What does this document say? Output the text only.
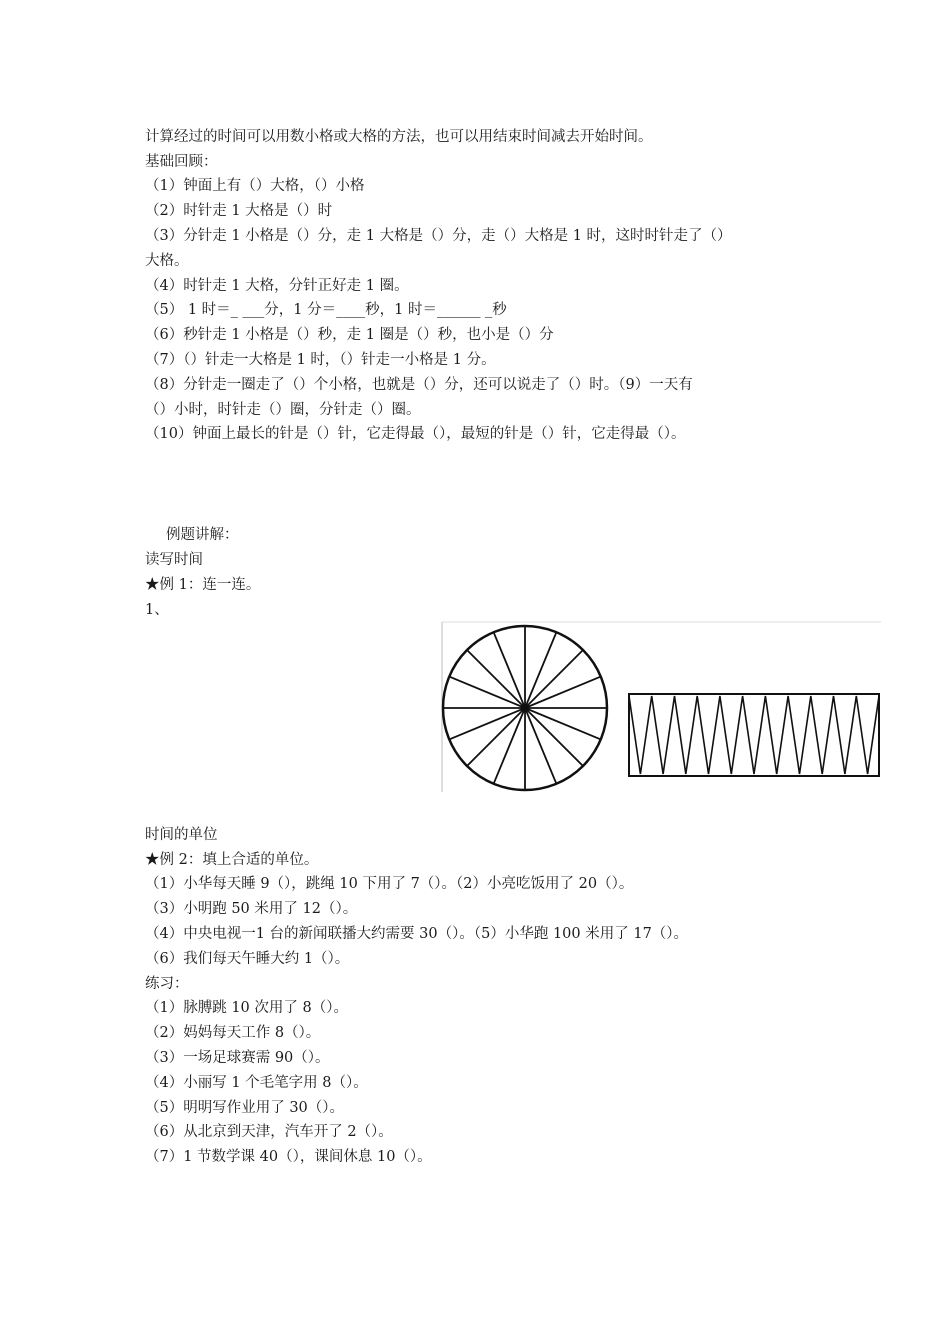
计算经过的时间可以用数小格或大格的方法，也可以用结束时间减去开始时间。
基础回顾：
（1）钟面上有（）大格，（）小格
（2）时针走 1 大格是（）时
（3）分针走 1 小格是（）分，走 1 大格是（）分，走（）大格是 1 时，这时时针走了（）
大格。
（4）时针走 1 大格，分针正好走 1 圈。
（5） 1 时＝_ ___分，1 分＝____秒，1 时＝______ _秒
（6）秒针走 1 小格是（）秒，走 1 圈是（）秒，也小是（）分
（7）（）针走一大格是 1 时，（）针走一小格是 1 分。
（8）分针走一圈走了（）个小格，也就是（）分，还可以说走了（）时。（9）一天有
（）小时，时针走（）圈，分针走（）圈。
（10）钟面上最长的针是（）针，它走得最（），最短的针是（）针，它走得最（）。
例题讲解：
读写时间
★例 1：连一连。
1、
时间的单位
★例 2：填上合适的单位。
（1）小华每天睡 9（），跳绳 10 下用了 7（）。（2）小亮吃饭用了 20（）。
（3）小明跑 50 米用了 12（）。
（4）中央电视一1 台的新闻联播大约需要 30（）。（5）小华跑 100 米用了 17（）。
（6）我们每天午睡大约 1（）。
练习：
（1）脉膊跳 10 次用了 8（）。
（2）妈妈每天工作 8（）。
（3）一场足球赛需 90（）。
（4）小丽写 1 个毛笔字用 8（）。
（5）明明写作业用了 30（）。
（6）从北京到天津，汽车开了 2（）。
（7）1 节数学课 40（），课间休息 10（）。
